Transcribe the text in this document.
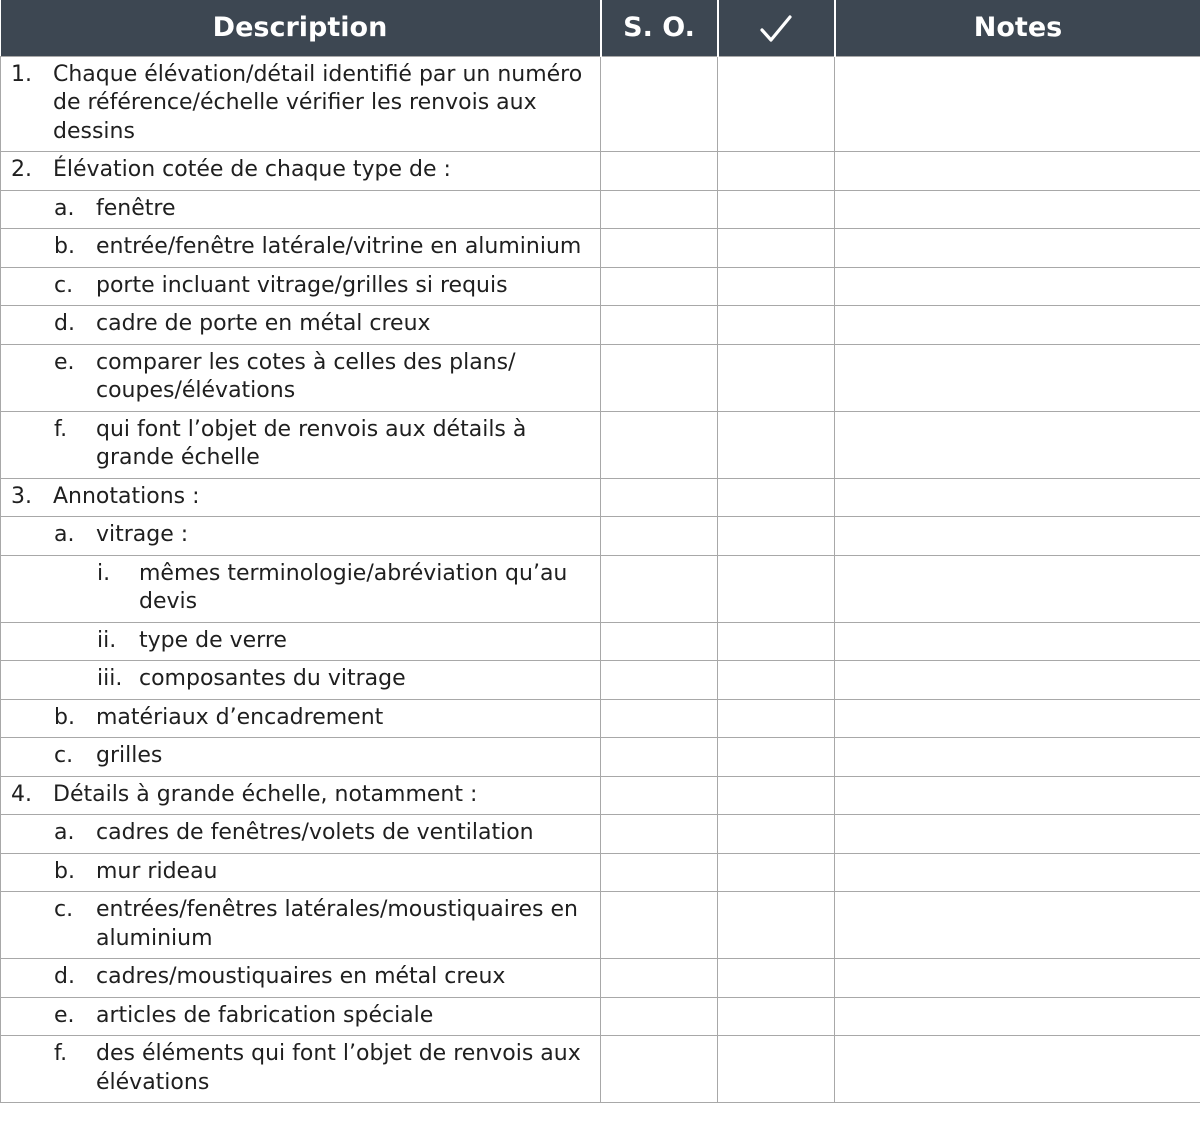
Description	S. O.		Notes

1. Chaque élévation/détail identifié par un numéro de référence/échelle vérifier les renvois aux dessins			

2. Élévation cotée de chaque type de :			

a. fenêtre			

b. entrée/fenêtre latérale/vitrine en aluminium			

c. porte incluant vitrage/grilles si requis			

d. cadre de porte en métal creux			

e. comparer les cotes à celles des plans/ coupes/élévations			

f. qui font l’objet de renvois aux détails à grande échelle			

3. Annotations :			

a. vitrage :			

i. mêmes terminologie/abréviation qu’au devis			

ii. type de verre			

iii. composantes du vitrage			

b. matériaux d’encadrement			

c. grilles			

4. Détails à grande échelle, notamment :			

a. cadres de fenêtres/volets de ventilation			

b. mur rideau			

c. entrées/fenêtres latérales/moustiquaires en aluminium			

d. cadres/moustiquaires en métal creux			

e. articles de fabrication spéciale			

f. des éléments qui font l’objet de renvois aux élévations			
